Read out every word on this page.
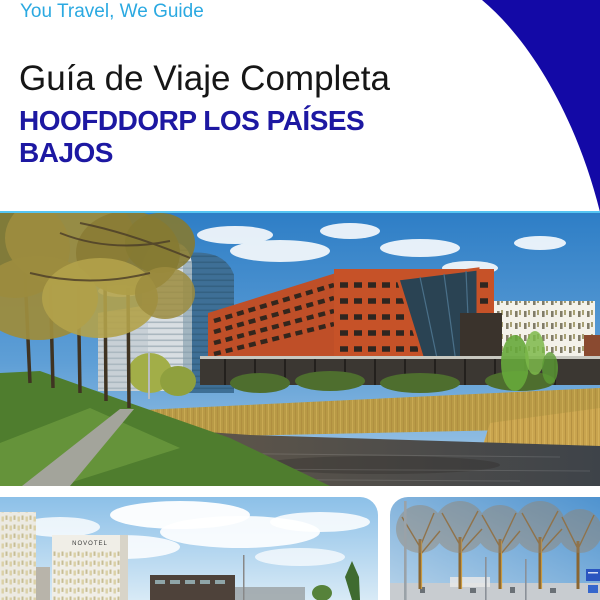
You Travel, We Guide
Guía de Viaje Completa
HOOFDDORP LOS PAÍSES BAJOS
NOVOTEL
